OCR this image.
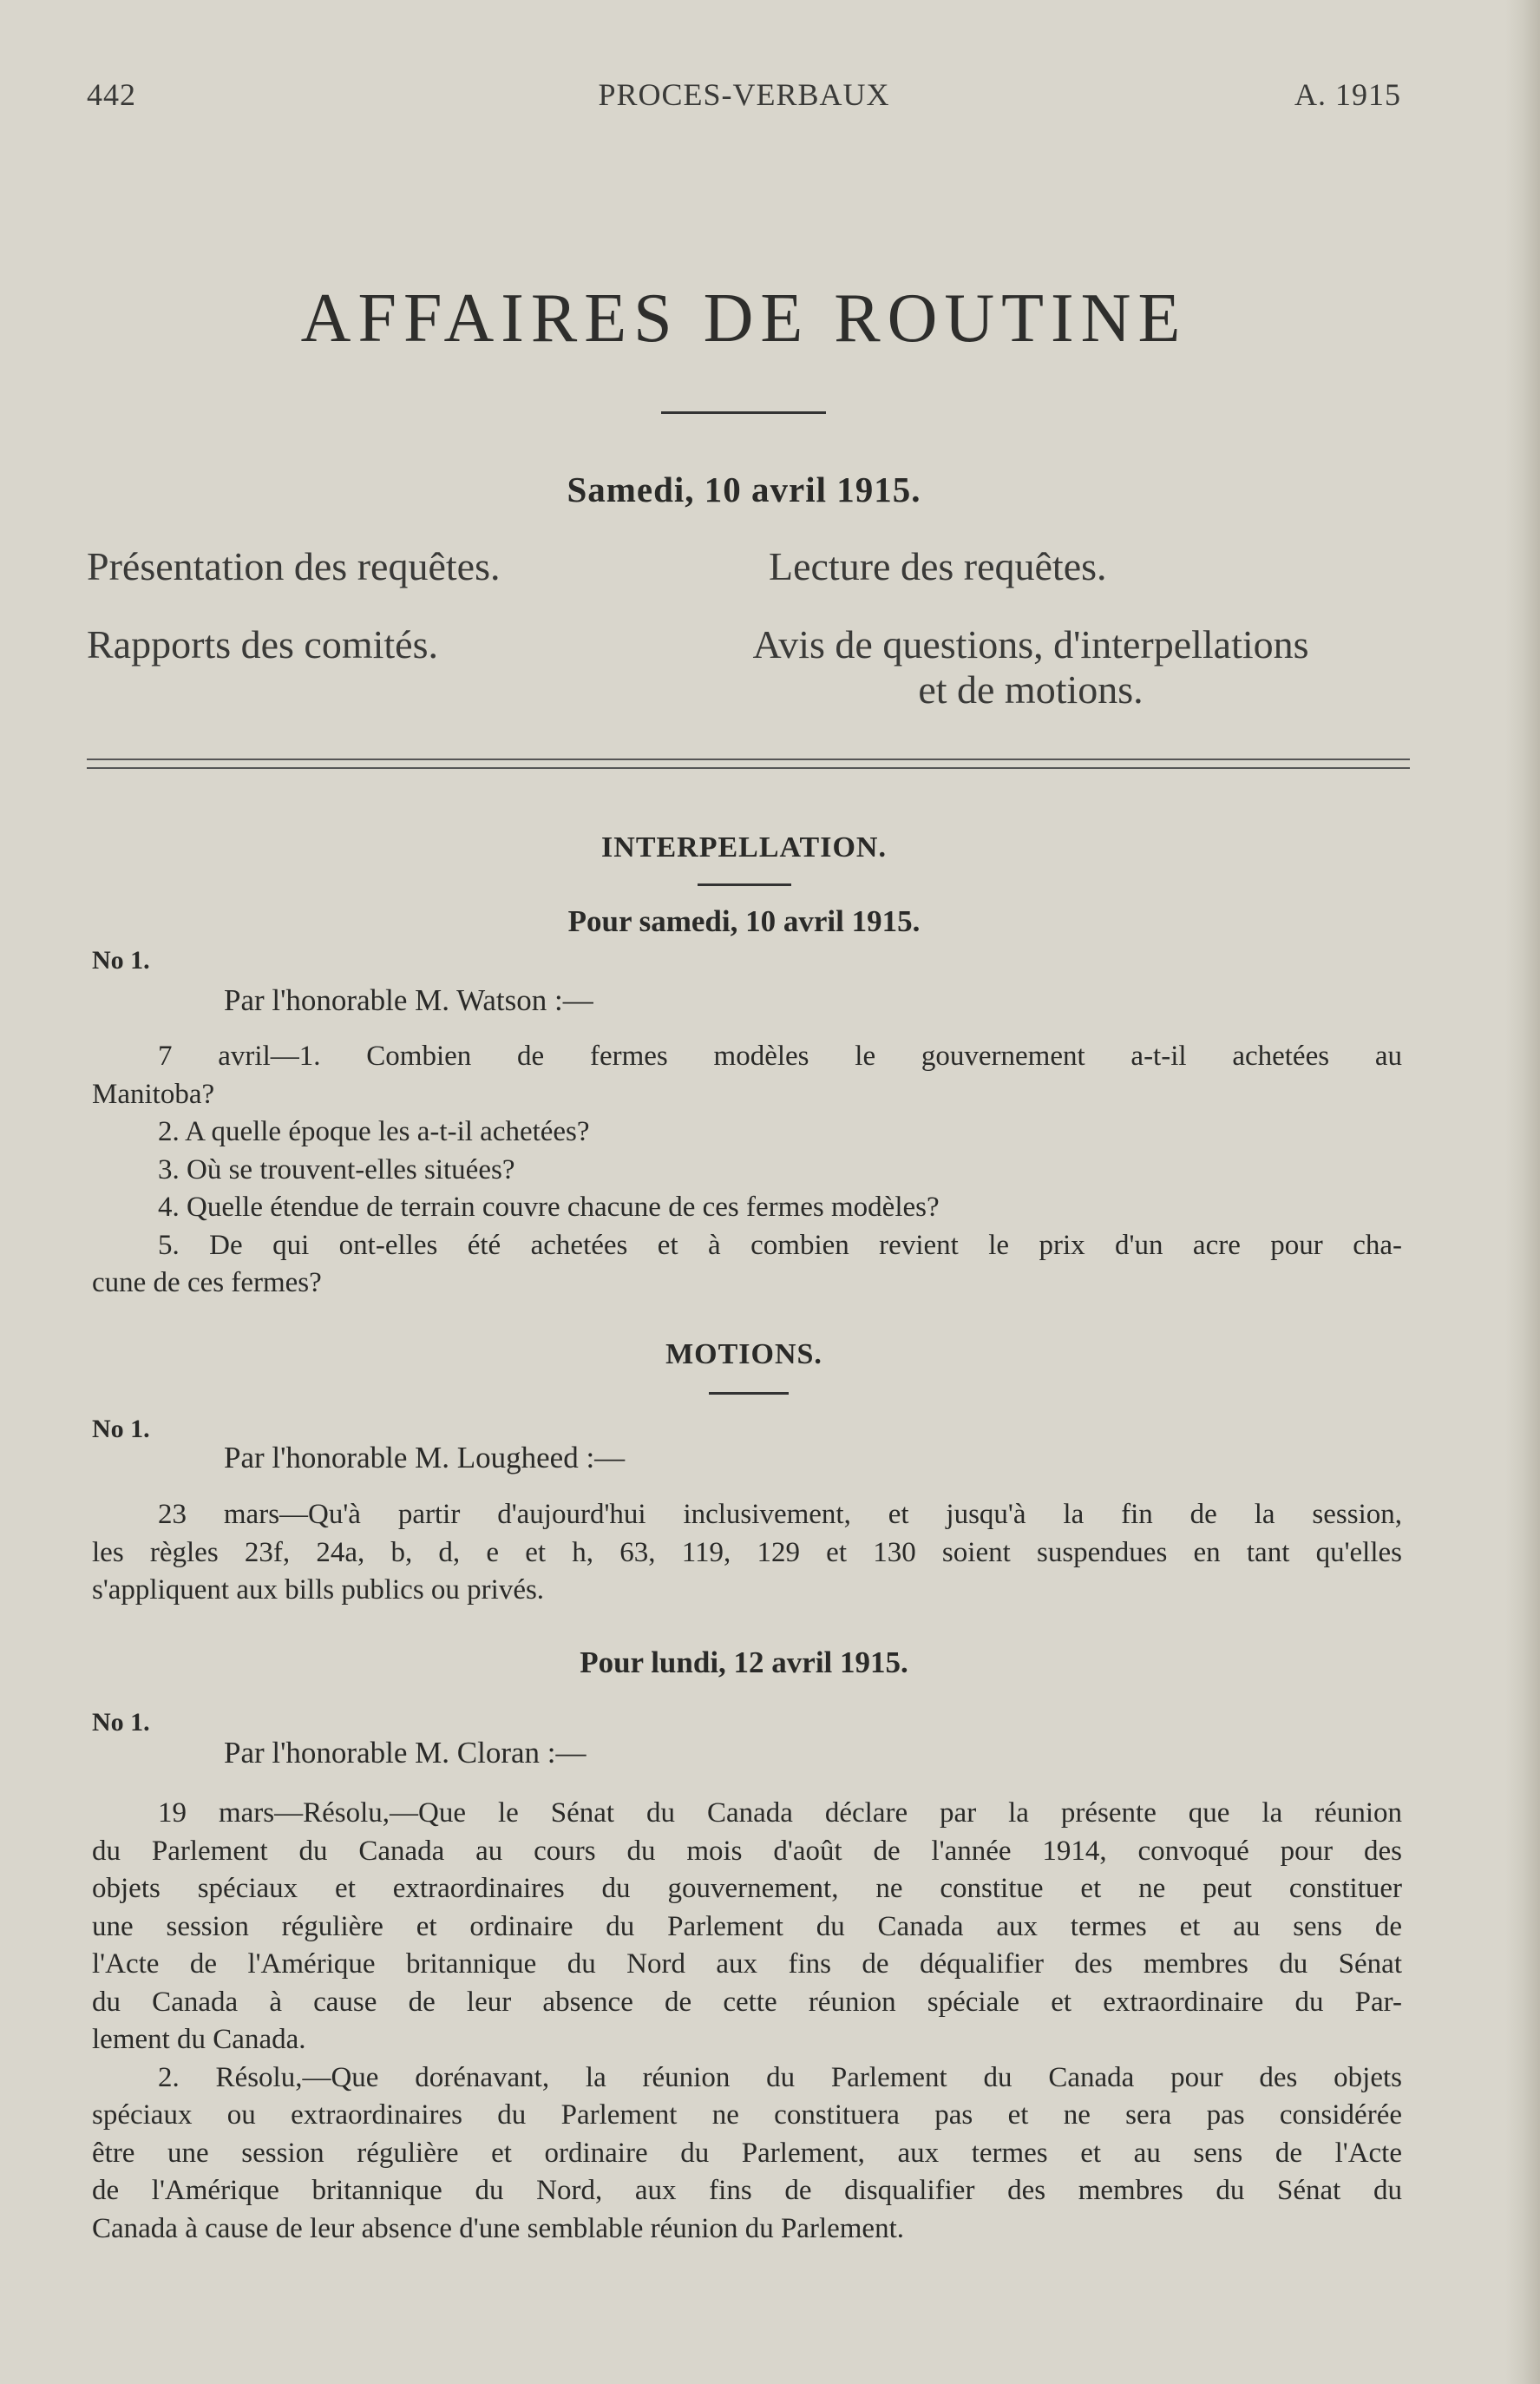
442	PROCES-VERBAUX	A. 1915
AFFAIRES DE ROUTINE
Samedi, 10 avril 1915.
Présentation des requêtes.	Lecture des requêtes.
Rapports des comités.	Avis de questions, d'interpellations
et de motions.
INTERPELLATION.
Pour samedi, 10 avril 1915.
No 1.
Par l'honorable M. Watson :—
7 avril—1. Combien de fermes modèles le gouvernement a-t-il achetées au
Manitoba?
2. A quelle époque les a-t-il achetées?
3. Où se trouvent-elles situées?
4. Quelle étendue de terrain couvre chacune de ces fermes modèles?
5. De qui ont-elles été achetées et à combien revient le prix d'un acre pour cha-
cune de ces fermes?
MOTIONS.
No 1.
Par l'honorable M. Lougheed :—
23 mars—Qu'à partir d'aujourd'hui inclusivement, et jusqu'à la fin de la session,
les règles 23f, 24a, b, d, e et h, 63, 119, 129 et 130 soient suspendues en tant qu'elles
s'appliquent aux bills publics ou privés.
Pour lundi, 12 avril 1915.
No 1.
Par l'honorable M. Cloran :—
19 mars—Résolu,—Que le Sénat du Canada déclare par la présente que la réunion
du Parlement du Canada au cours du mois d'août de l'année 1914, convoqué pour des
objets spéciaux et extraordinaires du gouvernement, ne constitue et ne peut constituer
une session régulière et ordinaire du Parlement du Canada aux termes et au sens de
l'Acte de l'Amérique britannique du Nord aux fins de déqualifier des membres du Sénat
du Canada à cause de leur absence de cette réunion spéciale et extraordinaire du Par-
lement du Canada.
2. Résolu,—Que dorénavant, la réunion du Parlement du Canada pour des objets
spéciaux ou extraordinaires du Parlement ne constituera pas et ne sera pas considérée
être une session régulière et ordinaire du Parlement, aux termes et au sens de l'Acte
de l'Amérique britannique du Nord, aux fins de disqualifier des membres du Sénat du
Canada à cause de leur absence d'une semblable réunion du Parlement.
